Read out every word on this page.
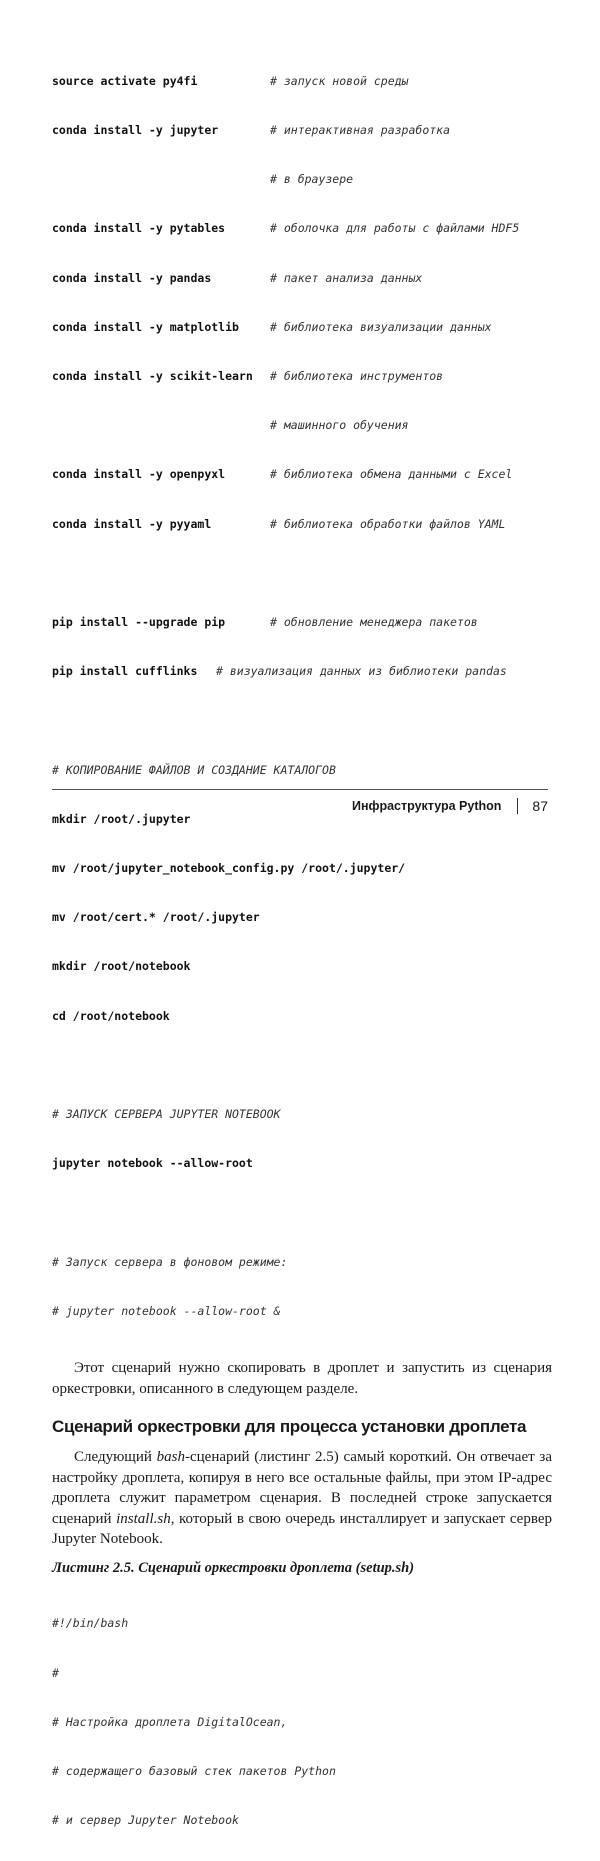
source activate py4fi	# запуск новой среды

conda install -y jupyter	# интерактивная разработка

# в браузере

conda install -y pytables	# оболочка для работы с файлами HDF5

conda install -y pandas	# пакет анализа данных

conda install -y matplotlib	# библиотека визуализации данных

conda install -y scikit-learn	# библиотека инструментов

# машинного обучения

conda install -y openpyxl	# библиотека обмена данными с Excel

conda install -y pyyaml	# библиотека обработки файлов YAML

pip install --upgrade pip	# обновление менеджера пакетов

pip install cufflinks	# визуализация данных из библиотеки pandas

# КОПИРОВАНИЕ ФАЙЛОВ И СОЗДАНИЕ КАТАЛОГОВ

mkdir /root/.jupyter

mv /root/jupyter_notebook_config.py /root/.jupyter/

mv /root/cert.* /root/.jupyter

mkdir /root/notebook

cd /root/notebook

# ЗАПУСК СЕРВЕРА JUPYTER NOTEBOOK

jupyter notebook --allow-root

# Запуск сервера в фоновом режиме:

# jupyter notebook --allow-root &

Этот сценарий нужно скопировать в дроплет и запустить из сценария оркестровки, описанного в следующем разделе.

Сценарий оркестровки для процесса установки дроплета

Следующий bash-сценарий (листинг 2.5) самый короткий. Он отвечает за настройку дроплета, копируя в него все остальные файлы, при этом IP-адрес дроплета служит параметром сценария. В последней строке запускается сценарий install.sh, который в свою очередь инсталлирует и запускает сервер Jupyter Notebook.

Листинг 2.5. Сценарий оркестровки дроплета (setup.sh)

#!/bin/bash

#

# Настройка дроплета DigitalOcean,

# содержащего базовый стек пакетов Python

# и сервер Jupyter Notebook

Инфраструктура Python 87
